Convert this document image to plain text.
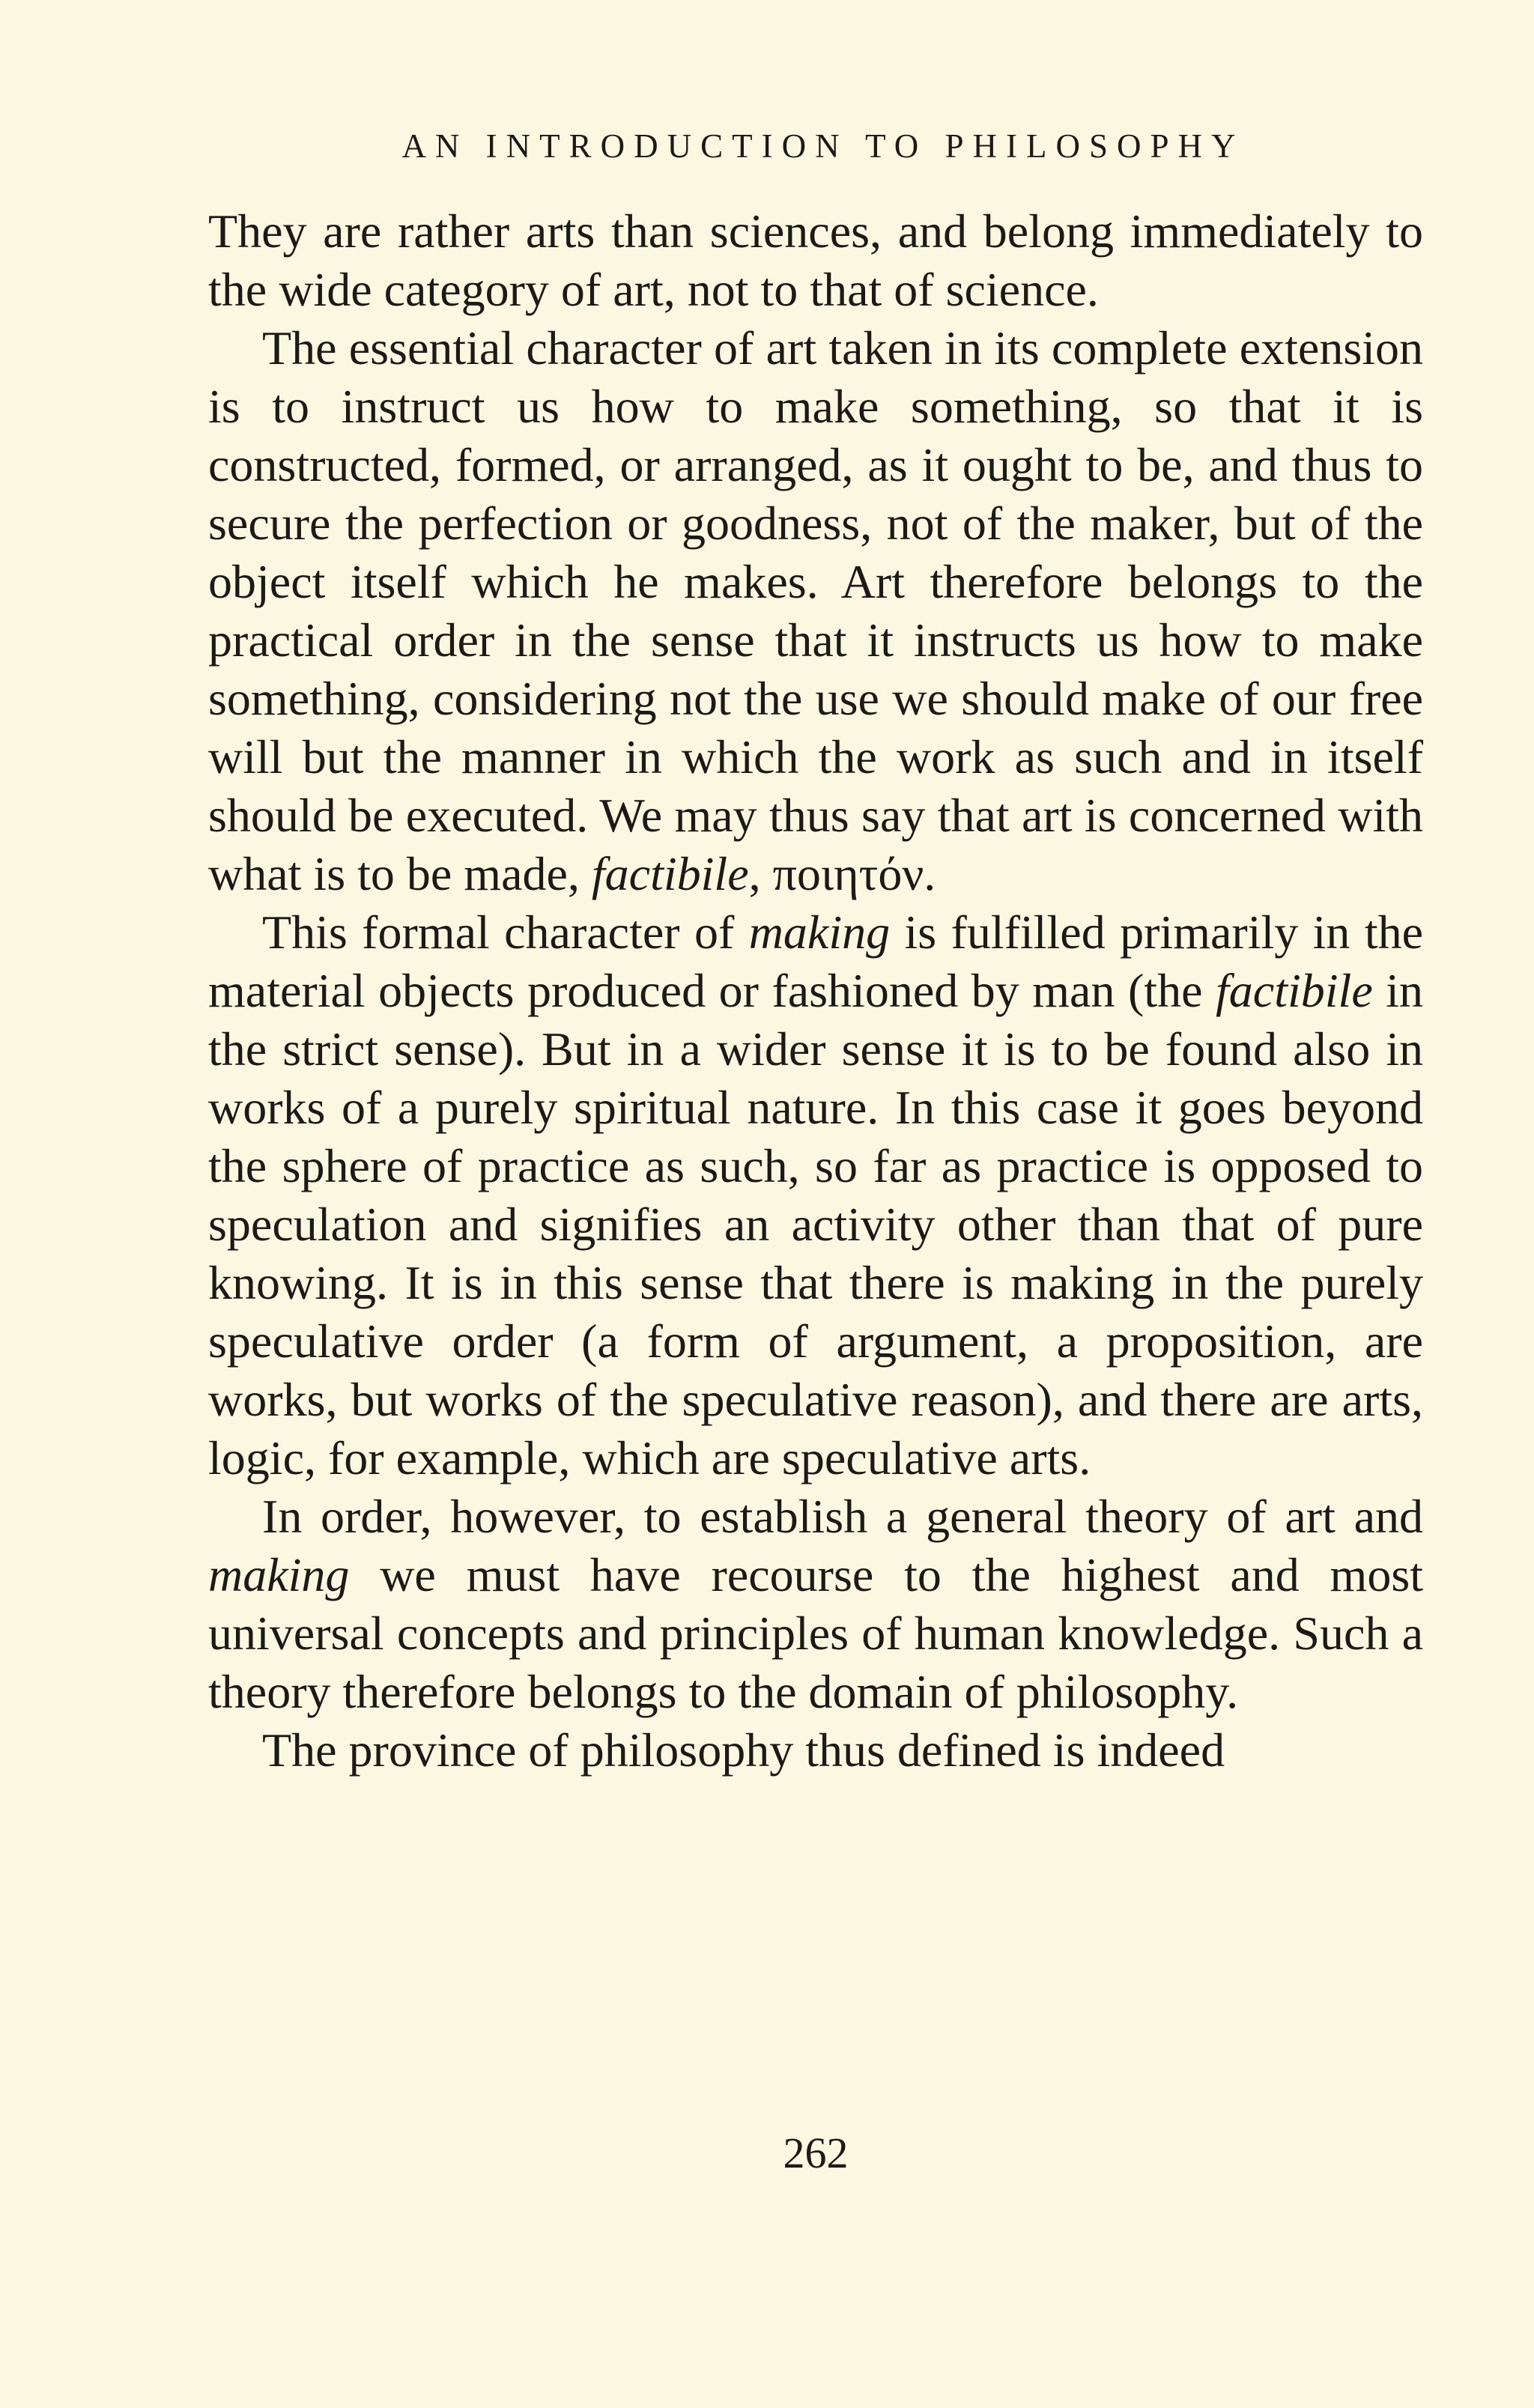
AN INTRODUCTION TO PHILOSOPHY

They are rather arts than sciences, and belong immediately to the wide category of art, not to that of science.

The essential character of art taken in its complete extension is to instruct us how to make something, so that it is constructed, formed, or arranged, as it ought to be, and thus to secure the perfection or goodness, not of the maker, but of the object itself which he makes. Art therefore belongs to the practical order in the sense that it instructs us how to make something, considering not the use we should make of our free will but the manner in which the work as such and in itself should be executed. We may thus say that art is concerned with what is to be made, factibile, ποιητόν.

This formal character of making is fulfilled primarily in the material objects produced or fashioned by man (the factibile in the strict sense). But in a wider sense it is to be found also in works of a purely spiritual nature. In this case it goes beyond the sphere of practice as such, so far as practice is opposed to speculation and signifies an activity other than that of pure knowing. It is in this sense that there is making in the purely speculative order (a form of argument, a proposition, are works, but works of the speculative reason), and there are arts, logic, for example, which are speculative arts.

In order, however, to establish a general theory of art and making we must have recourse to the highest and most universal concepts and principles of human knowledge. Such a theory therefore belongs to the domain of philosophy.

The province of philosophy thus defined is indeed

262
